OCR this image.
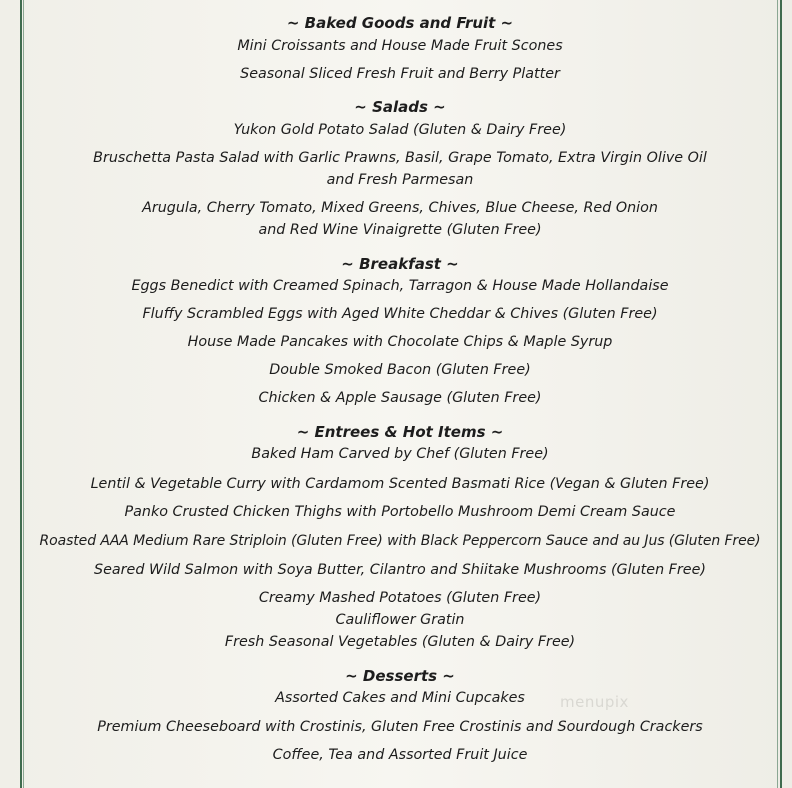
~ Baked Goods and Fruit ~
Mini Croissants and House Made Fruit Scones
Seasonal Sliced Fresh Fruit and Berry Platter
~ Salads ~
Yukon Gold Potato Salad (Gluten & Dairy Free)
Bruschetta Pasta Salad with Garlic Prawns, Basil, Grape Tomato, Extra Virgin Olive Oil
and Fresh Parmesan
Arugula, Cherry Tomato, Mixed Greens, Chives, Blue Cheese, Red Onion
and Red Wine Vinaigrette (Gluten Free)
~ Breakfast ~
Eggs Benedict with Creamed Spinach, Tarragon & House Made Hollandaise
Fluffy Scrambled Eggs with Aged White Cheddar & Chives (Gluten Free)
House Made Pancakes with Chocolate Chips & Maple Syrup
Double Smoked Bacon (Gluten Free)
Chicken & Apple Sausage (Gluten Free)
~ Entrees & Hot Items ~
Baked Ham Carved by Chef (Gluten Free)
Lentil & Vegetable Curry with Cardamom Scented Basmati Rice (Vegan & Gluten Free)
Panko Crusted Chicken Thighs with Portobello Mushroom Demi Cream Sauce
Roasted AAA Medium Rare Striploin (Gluten Free) with Black Peppercorn Sauce and au Jus (Gluten Free)
Seared Wild Salmon with Soya Butter, Cilantro and Shiitake Mushrooms (Gluten Free)
Creamy Mashed Potatoes (Gluten Free)
Cauliflower Gratin
Fresh Seasonal Vegetables (Gluten & Dairy Free)
~ Desserts ~
Assorted Cakes and Mini Cupcakes
Premium Cheeseboard with Crostinis, Gluten Free Crostinis and Sourdough Crackers
Coffee, Tea and Assorted Fruit Juice
menupix
